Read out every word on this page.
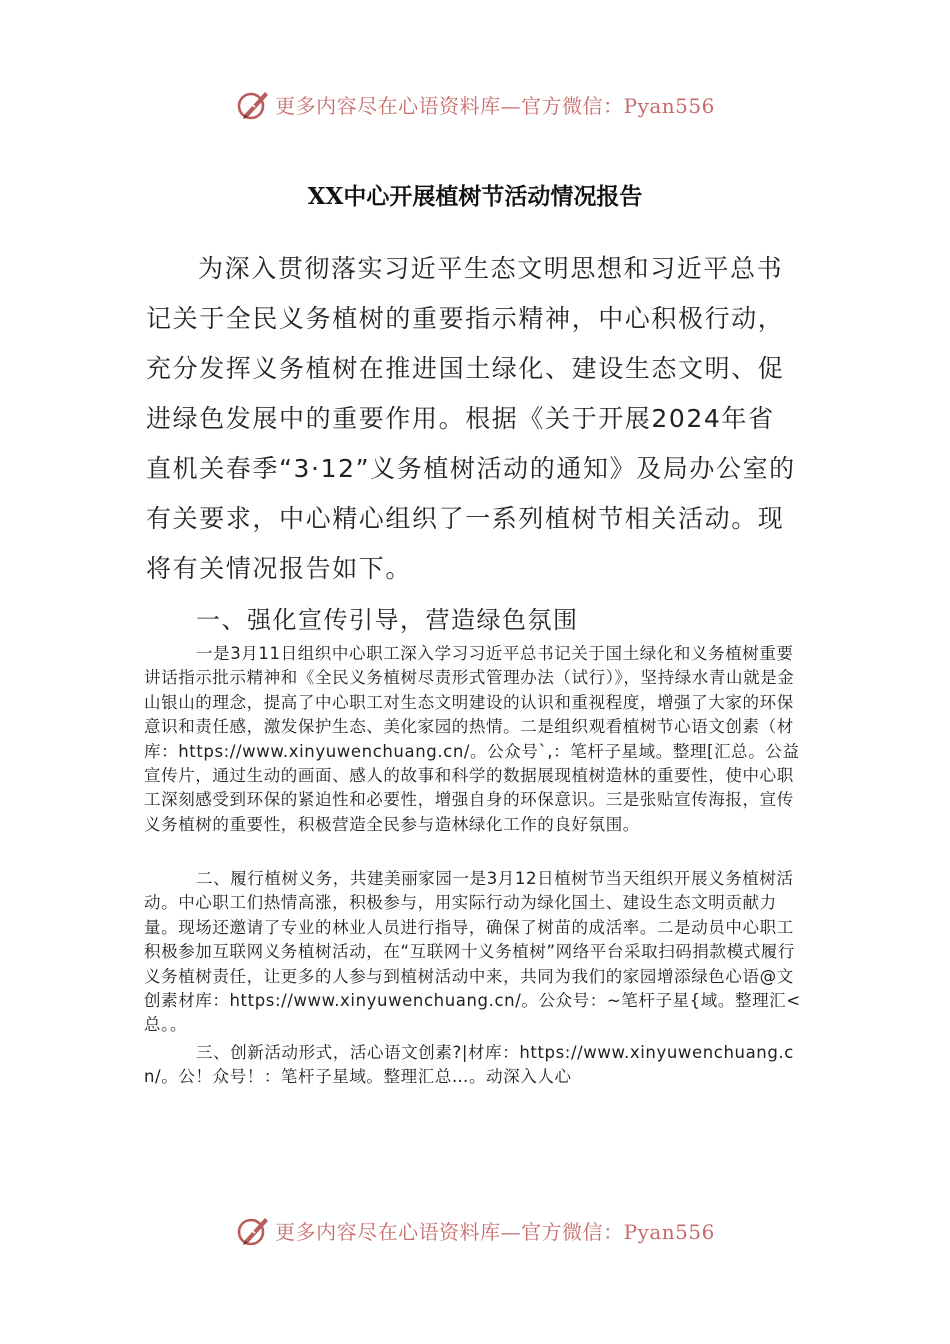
更多内容尽在心语资料库—官方微信：Pyan556
XX中心开展植树节活动情况报告

为深入贯彻落实习近平生态文明思想和习近平总书记关于全民义务植树的重要指示精神，中心积极行动，充分发挥义务植树在推进国土绿化、建设生态文明、促进绿色发展中的重要作用。根据《关于开展2024年省直机关春季“3·12”义务植树活动的通知》及局办公室的有关要求，中心精心组织了一系列植树节相关活动。现将有关情况报告如下。

一、强化宣传引导，营造绿色氛围

一是3月11日组织中心职工深入学习习近平总书记关于国土绿化和义务植树重要讲话指示批示精神和《全民义务植树尽责形式管理办法（试行）》，坚持绿水青山就是金山银山的理念，提高了中心职工对生态文明建设的认识和重视程度，增强了大家的环保意识和责任感，激发保护生态、美化家园的热情。二是组织观看植树节心语文创素（材库：https://www.xinyuwenchuang.cn/。公众号`,：笔杆子星域。整理[汇总。公益宣传片，通过生动的画面、感人的故事和科学的数据展现植树造林的重要性，使中心职工深刻感受到环保的紧迫性和必要性，增强自身的环保意识。三是张贴宣传海报，宣传义务植树的重要性，积极营造全民参与造林绿化工作的良好氛围。

二、履行植树义务，共建美丽家园一是3月12日植树节当天组织开展义务植树活动。中心职工们热情高涨，积极参与，用实际行动为绿化国土、建设生态文明贡献力量。现场还邀请了专业的林业人员进行指导，确保了树苗的成活率。二是动员中心职工积极参加互联网义务植树活动，在“互联网十义务植树”网络平台采取扫码捐款模式履行义务植树责任，让更多的人参与到植树活动中来，共同为我们的家园增添绿色心语@文创素材库：https://www.xinyuwenchuang.cn/。公众号：~笔杆子星{域。整理汇<总。。

三、创新活动形式，活心语文创素?|材库：https://www.xinyuwenchuang.cn/。公！众号！：笔杆子星域。整理汇总…。动深入人心

更多内容尽在心语资料库—官方微信：Pyan556
